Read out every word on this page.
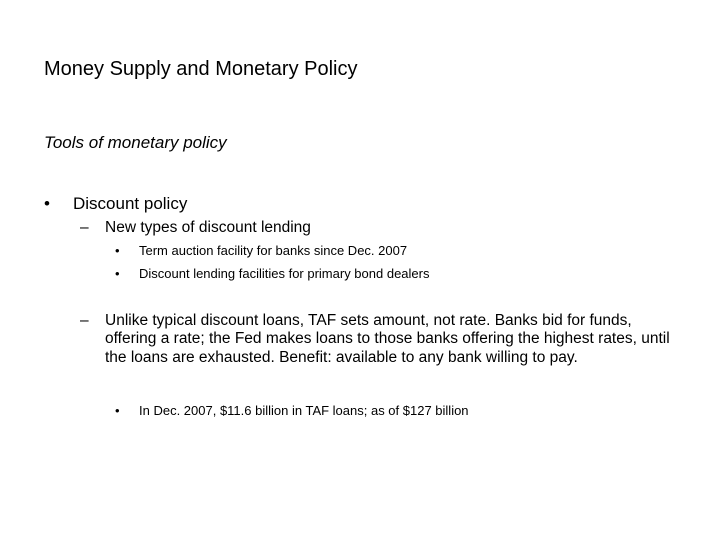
Money Supply and Monetary Policy
Tools of monetary policy
• Discount policy
– New types of discount lending
• Term auction facility for banks since Dec. 2007
• Discount lending facilities for primary bond dealers
– Unlike typical discount loans, TAF sets amount, not rate. Banks bid for funds, offering a rate; the Fed makes loans to those banks offering the highest rates, until the loans are exhausted. Benefit: available to any bank willing to pay.
• In Dec. 2007, $11.6 billion in TAF loans; as of $127 billion
